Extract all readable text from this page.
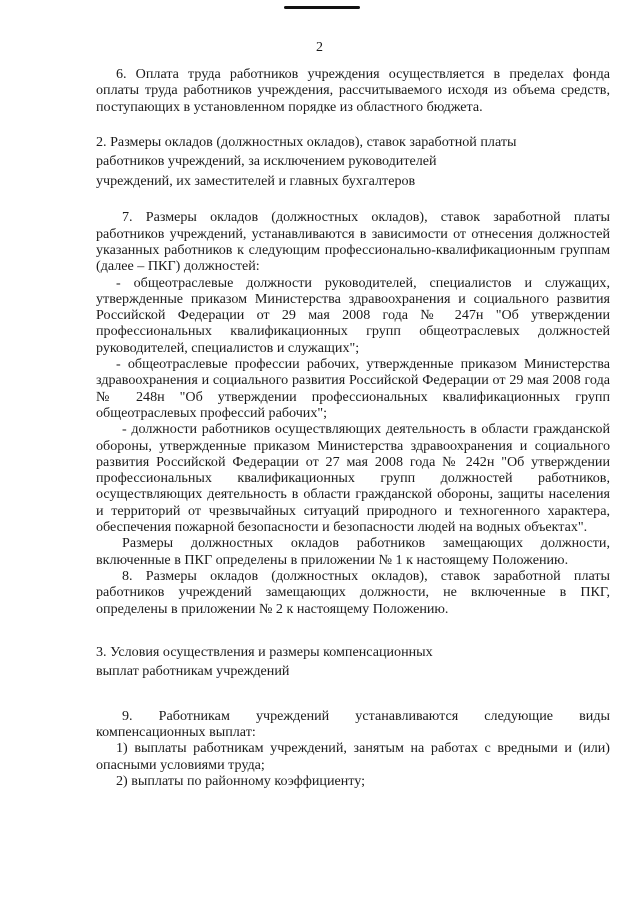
2

6. Оплата труда работников учреждения осуществляется в пределах фонда оплаты труда работников учреждения, рассчитываемого исходя из объема средств, поступающих в установленном порядке из областного бюджета.

2. Размеры окладов (должностных окладов), ставок заработной платы

работников учреждений, за исключением руководителей

учреждений, их заместителей и главных бухгалтеров

7. Размеры окладов (должностных окладов), ставок заработной платы работников учреждений, устанавливаются в зависимости от отнесения должностей указанных работников к следующим профессионально-квалификационным группам (далее – ПКГ) должностей:

- общеотраслевые должности руководителей, специалистов и служащих, утвержденные приказом Министерства здравоохранения и социального развития Российской Федерации от 29 мая 2008 года № 247н "Об утверждении профессиональных квалификационных групп общеотраслевых должностей руководителей, специалистов и служащих";

- общеотраслевые профессии рабочих, утвержденные приказом Министерства здравоохранения и социального развития Российской Федерации от 29 мая 2008 года № 248н "Об утверждении профессиональных квалификационных групп общеотраслевых профессий рабочих";

- должности работников осуществляющих деятельность в области гражданской обороны, утвержденные приказом Министерства здравоохранения и социального развития Российской Федерации от 27 мая 2008 года № 242н "Об утверждении профессиональных квалификационных групп должностей работников, осуществляющих деятельность в области гражданской обороны, защиты населения и территорий от чрезвычайных ситуаций природного и техногенного характера, обеспечения пожарной безопасности и безопасности людей на водных объектах".

Размеры должностных окладов работников замещающих должности, включенные в ПКГ определены в приложении № 1 к настоящему Положению.

8. Размеры окладов (должностных окладов), ставок заработной платы работников учреждений замещающих должности, не включенные в ПКГ, определены в приложении № 2 к настоящему Положению.

3. Условия осуществления и размеры компенсационных

выплат работникам учреждений

9. Работникам учреждений устанавливаются следующие виды компенсационных выплат:

1) выплаты работникам учреждений, занятым на работах с вредными и (или) опасными условиями труда;

2) выплаты по районному коэффициенту;
